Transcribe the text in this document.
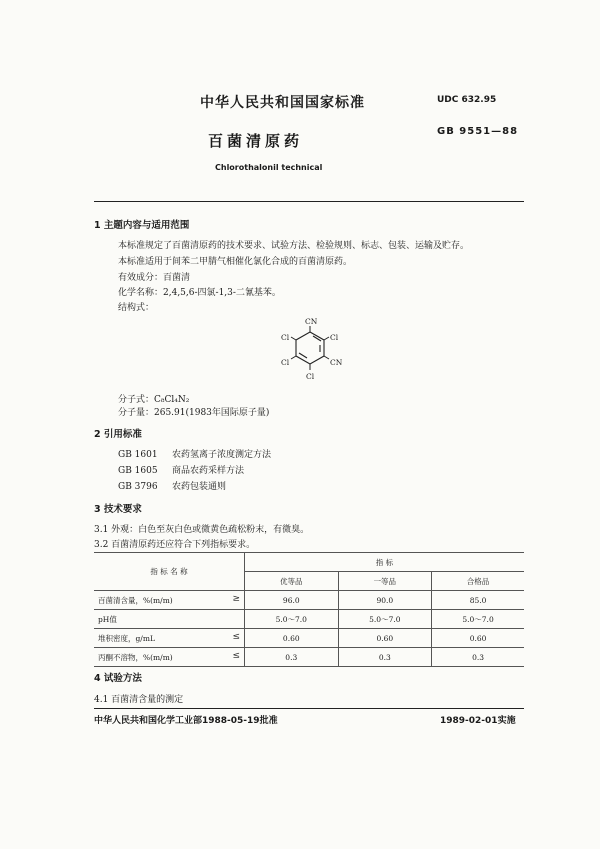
中华人民共和国国家标准	UDC 632.95
百菌清原药
GB 9551—88
Chlorothalonil technical
1 主题内容与适用范围
本标准规定了百菌清原药的技术要求、试验方法、检验规则、标志、包装、运输及贮存。
本标准适用于间苯二甲腈气相催化氯化合成的百菌清原药。
有效成分：百菌清
化学名称：2,4,5,6-四氯-1,3-二氰基苯。
结构式：
CN
Cl
CN
Cl
Cl
Cl
分子式：C₈Cl₄N₂
分子量：265.91(1983年国际原子量)
2 引用标准
GB 1601 农药氢离子浓度测定方法
GB 1605 商品农药采样方法
GB 3796 农药包装通则
3 技术要求
3.1 外观：白色至灰白色或微黄色疏松粉末，有微臭。
3.2 百菌清原药还应符合下列指标要求。
指 标 名 称	指 标		
	优等品	一等品	合格品
百菌清含量，%(m/m) ≥	96.0	90.0	85.0
pH值	5.0～7.0	5.0～7.0	5.0～7.0
堆积密度，g/mL ≤	0.60	0.60	0.60
丙酮不溶物，%(m/m) ≤	0.3	0.3	0.3
4 试验方法
4.1 百菌清含量的测定
中华人民共和国化学工业部1988-05-19批准	1989-02-01实施
